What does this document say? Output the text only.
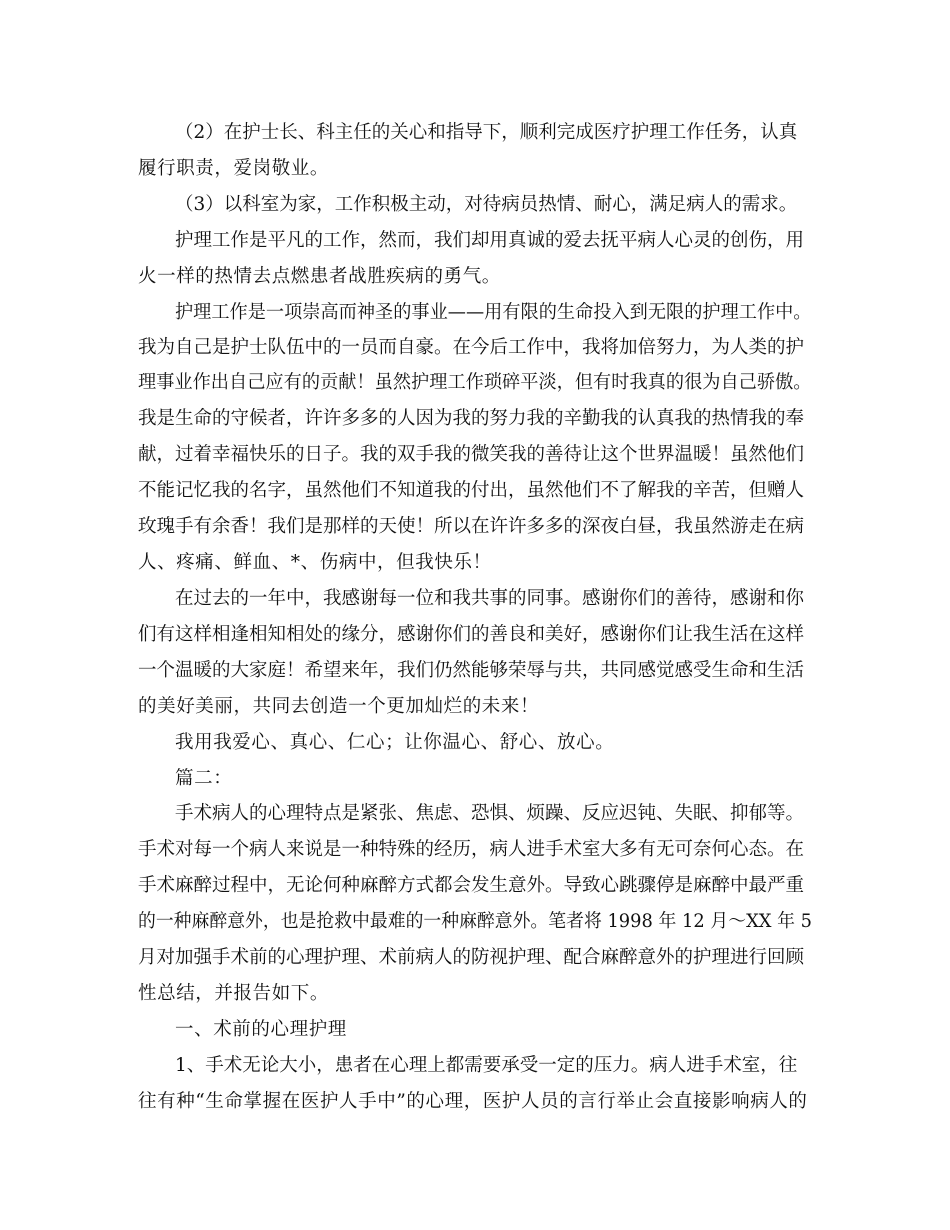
（2）在护士长、科主任的关心和指导下，顺利完成医疗护理工作任务，认真
履行职责，爱岗敬业。
（3）以科室为家，工作积极主动，对待病员热情、耐心，满足病人的需求。
护理工作是平凡的工作，然而，我们却用真诚的爱去抚平病人心灵的创伤，用
火一样的热情去点燃患者战胜疾病的勇气。
护理工作是一项崇高而神圣的事业——用有限的生命投入到无限的护理工作中。
我为自己是护士队伍中的一员而自豪。在今后工作中，我将加倍努力，为人类的护
理事业作出自己应有的贡献！虽然护理工作琐碎平淡，但有时我真的很为自己骄傲。
我是生命的守候者，许许多多的人因为我的努力我的辛勤我的认真我的热情我的奉
献，过着幸福快乐的日子。我的双手我的微笑我的善待让这个世界温暖！虽然他们
不能记忆我的名字，虽然他们不知道我的付出，虽然他们不了解我的辛苦，但赠人
玫瑰手有余香！我们是那样的天使！所以在许许多多的深夜白昼，我虽然游走在病
人、疼痛、鲜血、*、伤病中，但我快乐！
在过去的一年中，我感谢每一位和我共事的同事。感谢你们的善待，感谢和你
们有这样相逢相知相处的缘分，感谢你们的善良和美好，感谢你们让我生活在这样
一个温暖的大家庭！希望来年，我们仍然能够荣辱与共，共同感觉感受生命和生活
的美好美丽，共同去创造一个更加灿烂的未来！
我用我爱心、真心、仁心；让你温心、舒心、放心。
篇二：
手术病人的心理特点是紧张、焦虑、恐惧、烦躁、反应迟钝、失眠、抑郁等。
手术对每一个病人来说是一种特殊的经历，病人进手术室大多有无可奈何心态。在
手术麻醉过程中，无论何种麻醉方式都会发生意外。导致心跳骤停是麻醉中最严重
的一种麻醉意外，也是抢救中最难的一种麻醉意外。笔者将 1998 年 12 月～XX 年 5
月对加强手术前的心理护理、术前病人的防视护理、配合麻醉意外的护理进行回顾
性总结，并报告如下。
一、术前的心理护理
1、手术无论大小，患者在心理上都需要承受一定的压力。病人进手术室，往
往有种“生命掌握在医护人手中”的心理，医护人员的言行举止会直接影响病人的
